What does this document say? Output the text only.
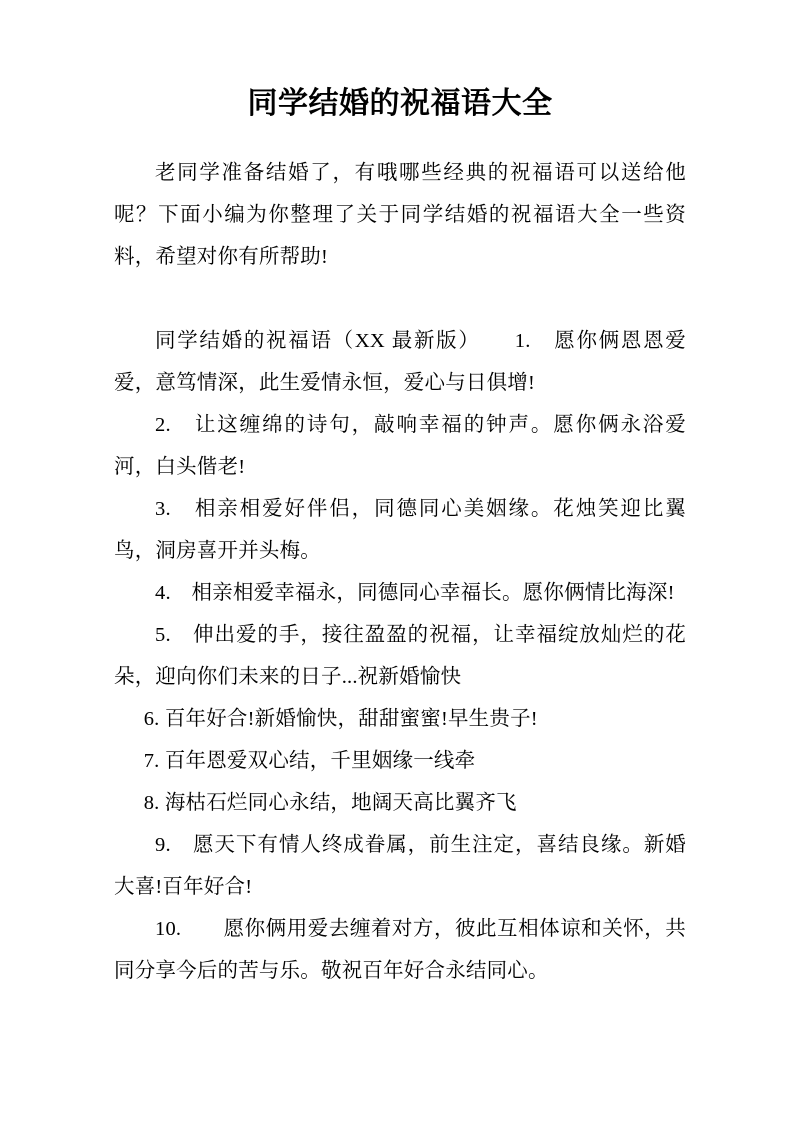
同学结婚的祝福语大全

老同学准备结婚了，有哦哪些经典的祝福语可以送给他呢？下面小编为你整理了关于同学结婚的祝福语大全一些资料，希望对你有所帮助!

同学结婚的祝福语（XX 最新版）　　1.　愿你俩恩恩爱爱，意笃情深，此生爱情永恒，爱心与日俱增!

2.　让这缠绵的诗句，敲响幸福的钟声。愿你俩永浴爱河，白头偕老!

3.　相亲相爱好伴侣，同德同心美姻缘。花烛笑迎比翼鸟，洞房喜开并头梅。

4.　相亲相爱幸福永，同德同心幸福长。愿你俩情比海深!

5.　伸出爱的手，接往盈盈的祝福，让幸福绽放灿烂的花朵，迎向你们未来的日子...祝新婚愉快

6. 百年好合!新婚愉快，甜甜蜜蜜!早生贵子!

7. 百年恩爱双心结，千里姻缘一线牵

8. 海枯石烂同心永结，地阔天高比翼齐飞

9.　愿天下有情人终成眷属，前生注定，喜结良缘。新婚大喜!百年好合!

10.　　愿你俩用爱去缠着对方，彼此互相体谅和关怀，共同分享今后的苦与乐。敬祝百年好合永结同心。
